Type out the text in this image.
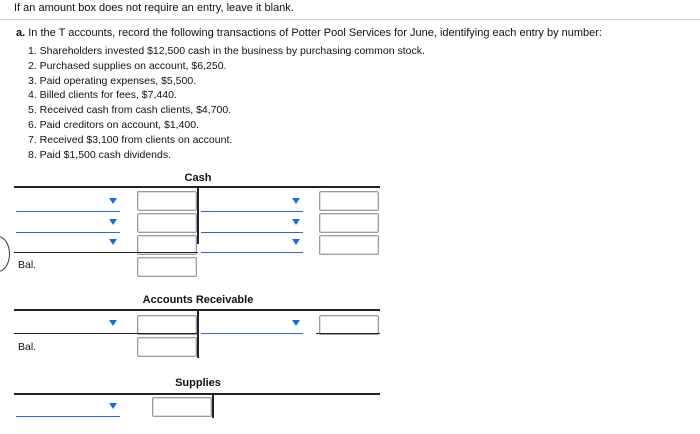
If an amount box does not require an entry, leave it blank.
a. In the T accounts, record the following transactions of Potter Pool Services for June, identifying each entry by number:
1. Shareholders invested $12,500 cash in the business by purchasing common stock.
2. Purchased supplies on account, $6,250.
3. Paid operating expenses, $5,500.
4. Billed clients for fees, $7,440.
5. Received cash from cash clients, $4,700.
6. Paid creditors on account, $1,400.
7. Received $3,100 from clients on account.
8. Paid $1,500 cash dividends.
Cash
Bal.
Accounts Receivable
Bal.
Supplies
